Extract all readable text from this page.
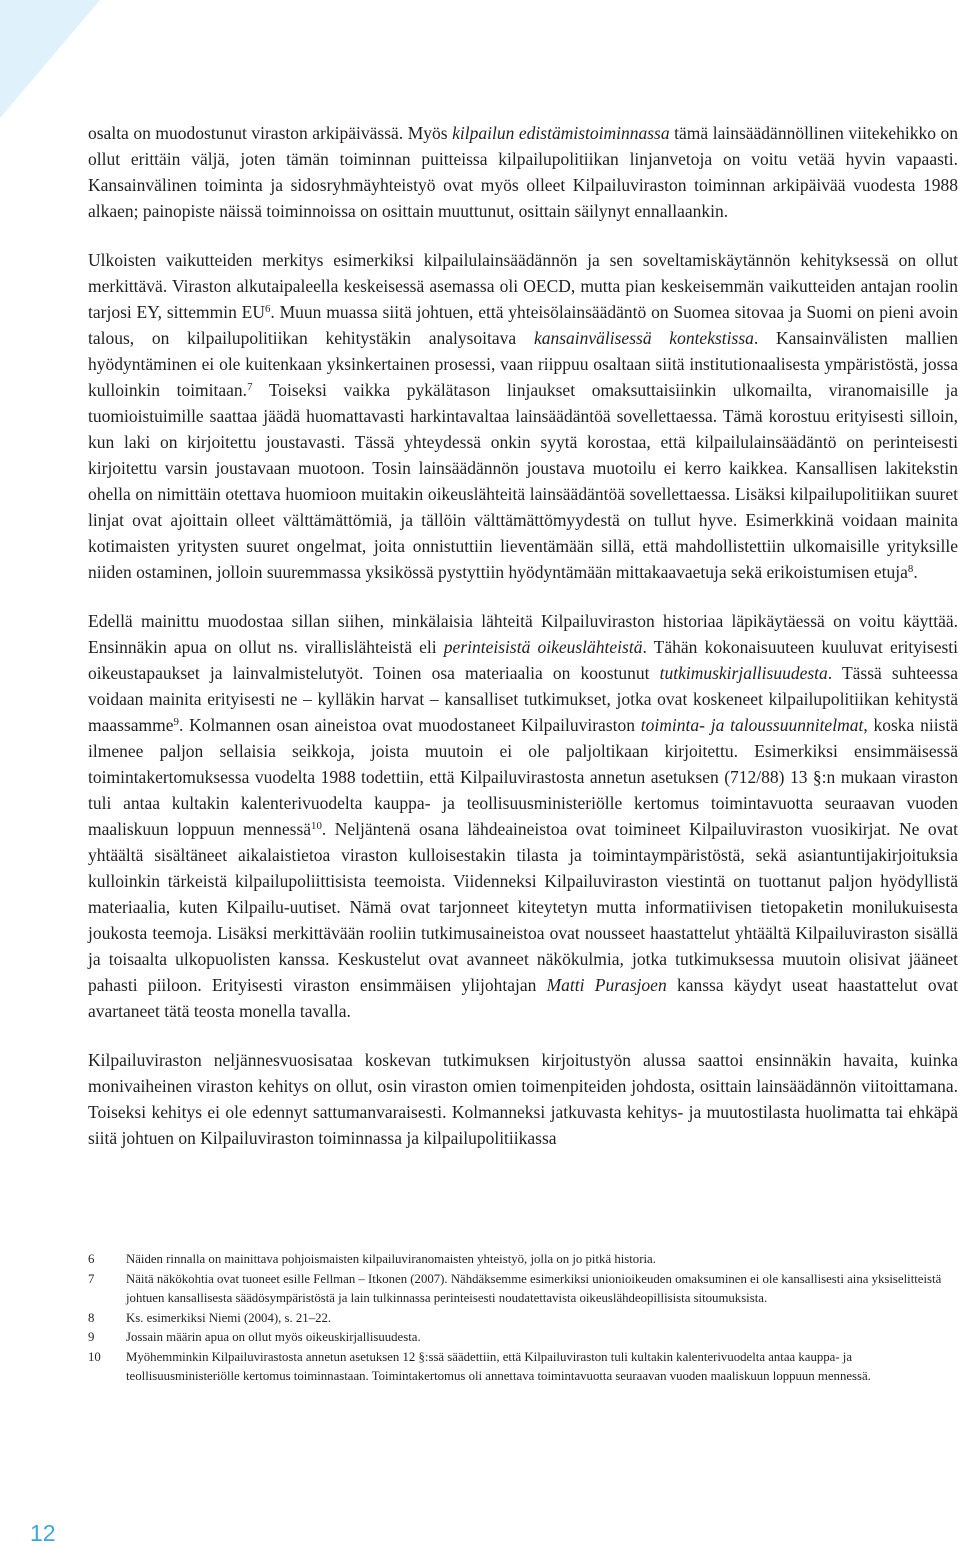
osalta on muodostunut viraston arkipäivässä. Myös kilpailun edistämistoiminnassa tämä lainsäädännöllinen viitekehikko on ollut erittäin väljä, joten tämän toiminnan puitteissa kilpailupolitiikan linjanvetoja on voitu vetää hyvin vapaasti. Kansainvälinen toiminta ja sidosryhmäyhteistyö ovat myös olleet Kilpailuviraston toiminnan arkipäivää vuodesta 1988 alkaen; painopiste näissä toiminnoissa on osittain muuttunut, osittain säilynyt ennallaankin.

Ulkoisten vaikutteiden merkitys esimerkiksi kilpailulainsäädännön ja sen soveltamiskäytännön kehityksessä on ollut merkittävä. Viraston alkutaipaleella keskeisessä asemassa oli OECD, mutta pian keskeisemmän vaikutteiden antajan roolin tarjosi EY, sittemmin $EU^6$. Muun muassa siitä johtuen, että yhteisölainsäädäntö on Suomea sitovaa ja Suomi on pieni avoin talous, on kilpailupolitiikan kehitystäkin analysoitava kansainvälisessä kontekstissa. Kansainvälisten mallien hyödyntäminen ei ole kuitenkaan yksinkertainen prosessi, vaan riippuu osaltaan siitä institutionaalisesta ympäristöstä, jossa kulloinkin toimitaan.$^7$ Toiseksi vaikka pykälätason linjaukset omaksuttaisiinkin ulkomailta, viranomaisille ja tuomioistuimille saattaa jäädä huomattavasti harkintavaltaa lainsäädäntöä sovellettaessa. Tämä korostuu erityisesti silloin, kun laki on kirjoitettu joustavasti. Tässä yhteydessä onkin syytä korostaa, että kilpailulainsäädäntö on perinteisesti kirjoitettu varsin joustavaan muotoon. Tosin lainsäädännön joustava muotoilu ei kerro kaikkea. Kansallisen lakitekstin ohella on nimittäin otettava huomioon muitakin oikeuslähteitä lainsäädäntöä sovellettaessa. Lisäksi kilpailupolitiikan suuret linjat ovat ajoittain olleet välttämättömiä, ja tällöin välttämättömyydestä on tullut hyve. Esimerkkinä voidaan mainita kotimaisten yritysten suuret ongelmat, joita onnistuttiin lieventämään sillä, että mahdollistettiin ulkomaisille yrityksille niiden ostaminen, jolloin suuremmassa yksikössä pystyttiin hyödyntämään mittakaavaetuja sekä erikoistumisen etuja$^8$.

Edellä mainittu muodostaa sillan siihen, minkälaisia lähteitä Kilpailuviraston historiaa läpikäytäessä on voitu käyttää. Ensinnäkin apua on ollut ns. virallislähteistä eli perinteisistä oikeuslähteistä. Tähän kokonaisuuteen kuuluvat erityisesti oikeustapaukset ja lainvalmistelutyöt. Toinen osa materiaalia on koostunut tutkimuskirjallisuudesta. Tässä suhteessa voidaan mainita erityisesti ne – kylläkin harvat – kansalliset tutkimukset, jotka ovat koskeneet kilpailupolitiikan kehitystä maassamme$^9$. Kolmannen osan aineistoa ovat muodostaneet Kilpailuviraston toiminta- ja taloussuunnitelmat, koska niistä ilmenee paljon sellaisia seikkoja, joista muutoin ei ole paljoltikaan kirjoitettu. Esimerkiksi ensimmäisessä toimintakertomuksessa vuodelta 1988 todettiin, että Kilpailuvirastosta annetun asetuksen (712/88) 13 §:n mukaan viraston tuli antaa kultakin kalenterivuodelta kauppa- ja teollisuusministeriölle kertomus toimintavuotta seuraavan vuoden maaliskuun loppuun mennessä$^{10}$. Neljäntenä osana lähdeaineistoa ovat toimineet Kilpailuviraston vuosikirjat. Ne ovat yhtäältä sisältäneet aikalaistietoa viraston kulloisestakin tilasta ja toimintaympäristöstä, sekä asiantuntijakirjoituksia kulloinkin tärkeistä kilpailupoliittisista teemoista. Viidenneksi Kilpailuviraston viestintä on tuottanut paljon hyödyllistä materiaalia, kuten Kilpailu-uutiset. Nämä ovat tarjonneet kiteytetyn mutta informatiivisen tietopaketin monilukuisesta joukosta teemoja. Lisäksi merkittävään rooliin tutkimusaineistoa ovat nousseet haastattelut yhtäältä Kilpailuviraston sisällä ja toisaalta ulkopuolisten kanssa. Keskustelut ovat avanneet näkökulmia, jotka tutkimuksessa muutoin olisivat jääneet pahasti piiloon. Erityisesti viraston ensimmäisen ylijohtajan Matti Purasjoen kanssa käydyt useat haastattelut ovat avartaneet tätä teosta monella tavalla.

Kilpailuviraston neljännesvuosisataa koskevan tutkimuksen kirjoitustyön alussa saattoi ensinnäkin havaita, kuinka monivaiheinen viraston kehitys on ollut, osin viraston omien toimenpiteiden johdosta, osittain lainsäädännön viitoittamana. Toiseksi kehitys ei ole edennyt sattumanvaraisesti. Kolmanneksi jatkuvasta kehitys- ja muutostilasta huolimatta tai ehkäpä siitä johtuen on Kilpailuviraston toiminnassa ja kilpailupolitiikassa

6	Näiden rinnalla on mainittava pohjoismaisten kilpailuviranomaisten yhteistyö, jolla on jo pitkä historia.
7	Näitä näkökohtia ovat tuoneet esille Fellman – Itkonen (2007). Nähdäksemme esimerkiksi unionioikeuden omaksuminen ei ole kansallisesti aina yksiselitteistä johtuen kansallisesta säädösympäristöstä ja lain tulkinnassa perinteisesti noudatettavista oikeuslähdeopillisista sitoumuksista.
8	Ks. esimerkiksi Niemi (2004), s. 21–22.
9	Jossain määrin apua on ollut myös oikeuskirjallisuudesta.
10	Myöhemminkin Kilpailuvirastosta annetun asetuksen 12 §:ssä säädettiin, että Kilpailuviraston tuli kultakin kalenterivuodelta antaa kauppa- ja teollisuusministeriölle kertomus toiminnastaan. Toimintakertomus oli annettava toimintavuotta seuraavan vuoden maaliskuun loppuun mennessä.
12
